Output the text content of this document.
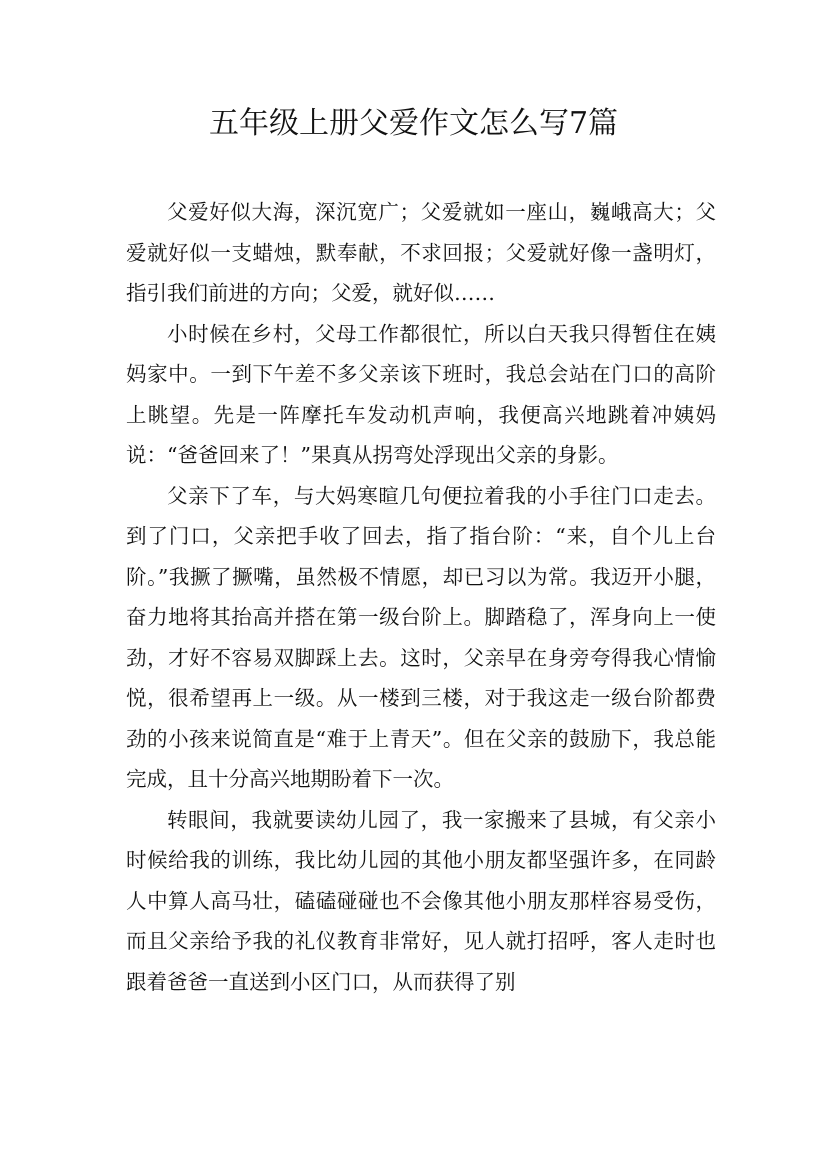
五年级上册父爱作文怎么写7篇

父爱好似大海，深沉宽广；父爱就如一座山，巍峨高大；父爱就好似一支蜡烛，默奉献，不求回报；父爱就好像一盏明灯，指引我们前进的方向；父爱，就好似……

小时候在乡村，父母工作都很忙，所以白天我只得暂住在姨妈家中。一到下午差不多父亲该下班时，我总会站在门口的高阶上眺望。先是一阵摩托车发动机声响，我便高兴地跳着冲姨妈说：“爸爸回来了！”果真从拐弯处浮现出父亲的身影。

父亲下了车，与大妈寒暄几句便拉着我的小手往门口走去。到了门口，父亲把手收了回去，指了指台阶：“来，自个儿上台阶。”我撅了撅嘴，虽然极不情愿，却已习以为常。我迈开小腿，奋力地将其抬高并搭在第一级台阶上。脚踏稳了，浑身向上一使劲，才好不容易双脚踩上去。这时，父亲早在身旁夸得我心情愉悦，很希望再上一级。从一楼到三楼，对于我这走一级台阶都费劲的小孩来说简直是“难于上青天”。但在父亲的鼓励下，我总能完成，且十分高兴地期盼着下一次。

转眼间，我就要读幼儿园了，我一家搬来了县城，有父亲小时候给我的训练，我比幼儿园的其他小朋友都坚强许多，在同龄人中算人高马壮，磕磕碰碰也不会像其他小朋友那样容易受伤，而且父亲给予我的礼仪教育非常好，见人就打招呼，客人走时也跟着爸爸一直送到小区门口，从而获得了别
